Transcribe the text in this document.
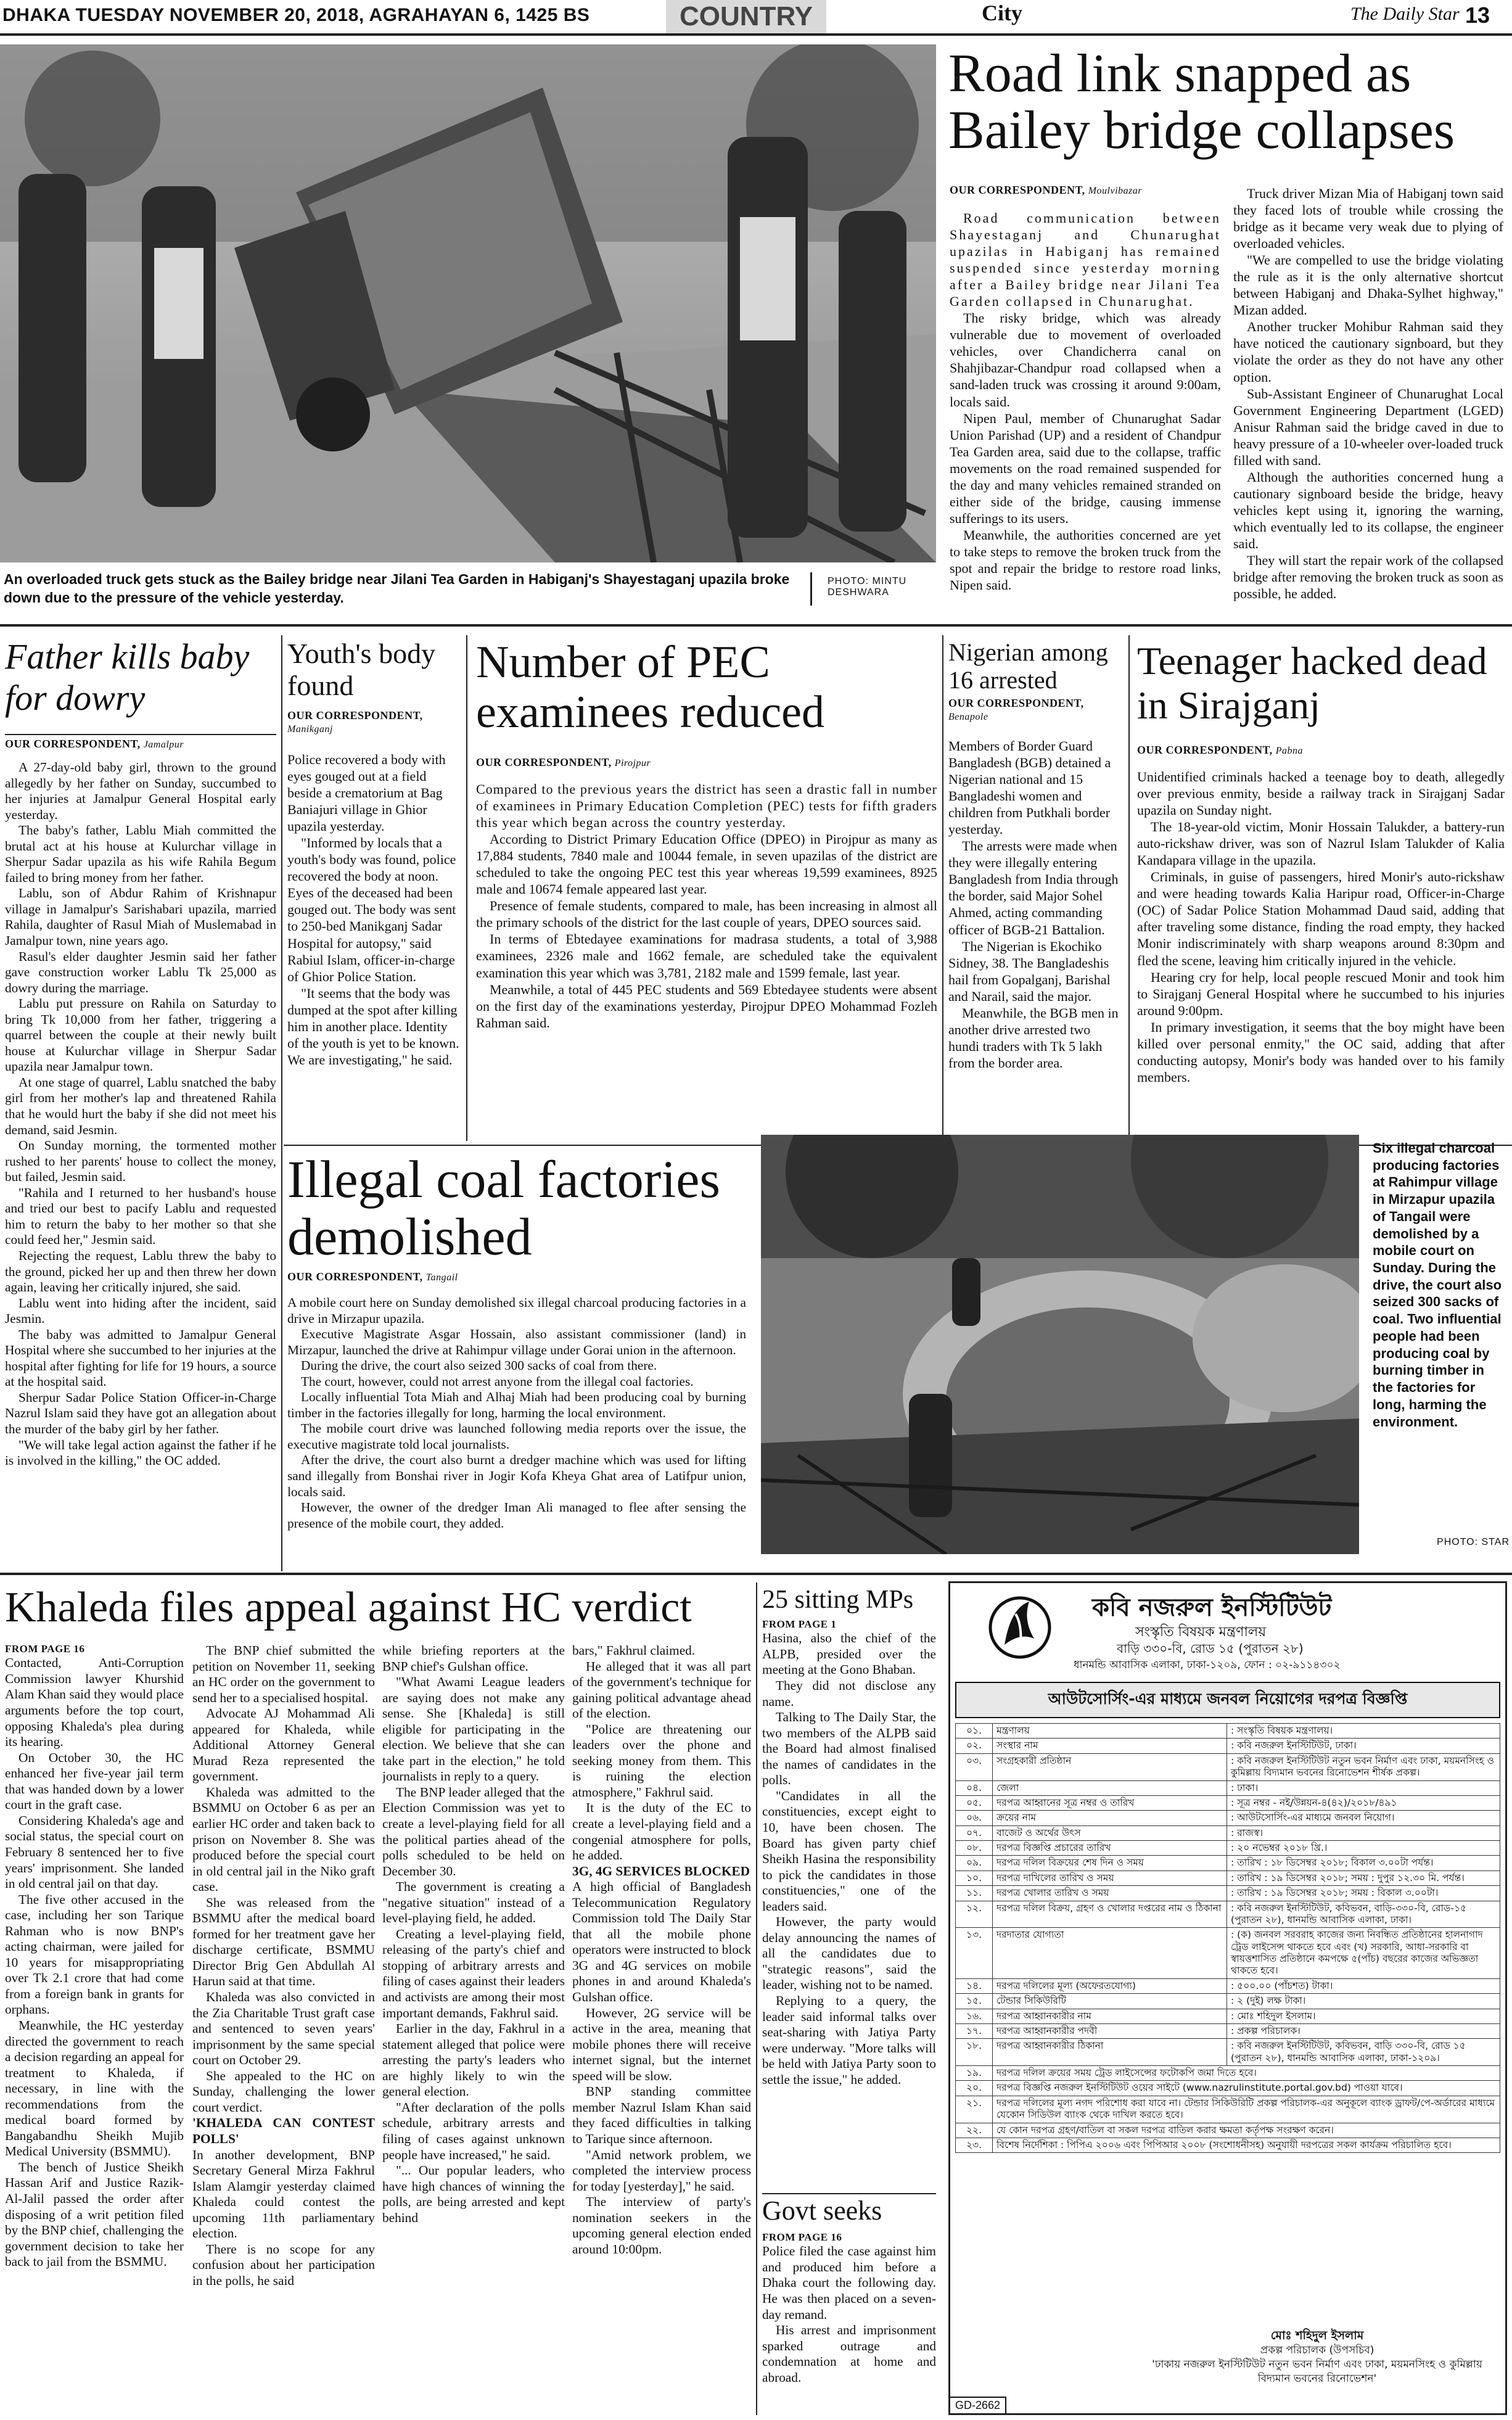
DHAKA TUESDAY NOVEMBER 20, 2018, AGRAHAYAN 6, 1425 BS	COUNTRY	City	The Daily Star 13
An overloaded truck gets stuck as the Bailey bridge near Jilani Tea Garden in Habiganj's Shayestaganj upazila broke down due to the pressure of the vehicle yesterday.
PHOTO: MINTU DESHWARA
Road link snapped as Bailey bridge collapses
OUR CORRESPONDENT, Moulvibazar

Road communication between Shayestaganj and Chunarughat upazilas in Habiganj has remained suspended since yesterday morning after a Bailey bridge near Jilani Tea Garden collapsed in Chunarughat.

The risky bridge, which was already vulnerable due to movement of overloaded vehicles, over Chandicherra canal on Shahjibazar-Chandpur road collapsed when a sand-laden truck was crossing it around 9:00am, locals said.

Nipen Paul, member of Chunarughat Sadar Union Parishad (UP) and a resident of Chandpur Tea Garden area, said due to the collapse, traffic movements on the road remained suspended for the day and many vehicles remained stranded on either side of the bridge, causing immense sufferings to its users.

Meanwhile, the authorities concerned are yet to take steps to remove the broken truck from the spot and repair the bridge to restore road links, Nipen said.

Truck driver Mizan Mia of Habiganj town said they faced lots of trouble while crossing the bridge as it became very weak due to plying of overloaded vehicles.

"We are compelled to use the bridge violating the rule as it is the only alternative shortcut between Habiganj and Dhaka-Sylhet highway," Mizan added.

Another trucker Mohibur Rahman said they have noticed the cautionary signboard, but they violate the order as they do not have any other option.

Sub-Assistant Engineer of Chunarughat Local Government Engineering Department (LGED) Anisur Rahman said the bridge caved in due to heavy pressure of a 10-wheeler over-loaded truck filled with sand.

Although the authorities concerned hung a cautionary signboard beside the bridge, heavy vehicles kept using it, ignoring the warning, which eventually led to its collapse, the engineer said.

They will start the repair work of the collapsed bridge after removing the broken truck as soon as possible, he added.

Father kills baby for dowry
OUR CORRESPONDENT, Jamalpur

A 27-day-old baby girl, thrown to the ground allegedly by her father on Sunday, succumbed to her injuries at Jamalpur General Hospital early yesterday.

The baby's father, Lablu Miah committed the brutal act at his house at Kulurchar village in Sherpur Sadar upazila as his wife Rahila Begum failed to bring money from her father.

Lablu, son of Abdur Rahim of Krishnapur village in Jamalpur's Sarishabari upazila, married Rahila, daughter of Rasul Miah of Muslemabad in Jamalpur town, nine years ago.

Rasul's elder daughter Jesmin said her father gave construction worker Lablu Tk 25,000 as dowry during the marriage.

Lablu put pressure on Rahila on Saturday to bring Tk 10,000 from her father, triggering a quarrel between the couple at their newly built house at Kulurchar village in Sherpur Sadar upazila near Jamalpur town.

At one stage of quarrel, Lablu snatched the baby girl from her mother's lap and threatened Rahila that he would hurt the baby if she did not meet his demand, said Jesmin.

On Sunday morning, the tormented mother rushed to her parents' house to collect the money, but failed, Jesmin said.

"Rahila and I returned to her husband's house and tried our best to pacify Lablu and requested him to return the baby to her mother so that she could feed her," Jesmin said.

Rejecting the request, Lablu threw the baby to the ground, picked her up and then threw her down again, leaving her critically injured, she said.

Lablu went into hiding after the incident, said Jesmin.

The baby was admitted to Jamalpur General Hospital where she succumbed to her injuries at the hospital after fighting for life for 19 hours, a source at the hospital said.

Sherpur Sadar Police Station Officer-in-Charge Nazrul Islam said they have got an allegation about the murder of the baby girl by her father.

"We will take legal action against the father if he is involved in the killing," the OC added.

Youth's body found
OUR CORRESPONDENT,
Manikganj

Police recovered a body with eyes gouged out at a field beside a crematorium at Bag Baniajuri village in Ghior upazila yesterday.

"Informed by locals that a youth's body was found, police recovered the body at noon. Eyes of the deceased had been gouged out. The body was sent to 250-bed Manikganj Sadar Hospital for autopsy," said Rabiul Islam, officer-in-charge of Ghior Police Station.

"It seems that the body was dumped at the spot after killing him in another place. Identity of the youth is yet to be known. We are investigating," he said.

Number of PEC examinees reduced
OUR CORRESPONDENT, Pirojpur

Compared to the previous years the district has seen a drastic fall in number of examinees in Primary Education Completion (PEC) tests for fifth graders this year which began across the country yesterday.

According to District Primary Education Office (DPEO) in Pirojpur as many as 17,884 students, 7840 male and 10044 female, in seven upazilas of the district are scheduled to take the ongoing PEC test this year whereas 19,599 examinees, 8925 male and 10674 female appeared last year.

Presence of female students, compared to male, has been increasing in almost all the primary schools of the district for the last couple of years, DPEO sources said.

In terms of Ebtedayee examinations for madrasa students, a total of 3,988 examinees, 2326 male and 1662 female, are scheduled take the equivalent examination this year which was 3,781, 2182 male and 1599 female, last year.

Meanwhile, a total of 445 PEC students and 569 Ebtedayee students were absent on the first day of the examinations yesterday, Pirojpur DPEO Mohammad Fozleh Rahman said.

Nigerian among 16 arrested
OUR CORRESPONDENT,
Benapole

Members of Border Guard Bangladesh (BGB) detained a Nigerian national and 15 Bangladeshi women and children from Putkhali border yesterday.

The arrests were made when they were illegally entering Bangladesh from India through the border, said Major Sohel Ahmed, acting commanding officer of BGB-21 Battalion.

The Nigerian is Ekochiko Sidney, 38. The Bangladeshis hail from Gopalganj, Barishal and Narail, said the major.

Meanwhile, the BGB men in another drive arrested two hundi traders with Tk 5 lakh from the border area.

Teenager hacked dead in Sirajganj
OUR CORRESPONDENT, Pabna

Unidentified criminals hacked a teenage boy to death, allegedly over previous enmity, beside a railway track in Sirajganj Sadar upazila on Sunday night.

The 18-year-old victim, Monir Hossain Talukder, a battery-run auto-rickshaw driver, was son of Nazrul Islam Talukder of Kalia Kandapara village in the upazila.

Criminals, in guise of passengers, hired Monir's auto-rickshaw and were heading towards Kalia Haripur road, Officer-in-Charge (OC) of Sadar Police Station Mohammad Daud said, adding that after traveling some distance, finding the road empty, they hacked Monir indiscriminately with sharp weapons around 8:30pm and fled the scene, leaving him critically injured in the vehicle.

Hearing cry for help, local people rescued Monir and took him to Sirajganj General Hospital where he succumbed to his injuries around 9:00pm.

In primary investigation, it seems that the boy might have been killed over personal enmity," the OC said, adding that after conducting autopsy, Monir's body was handed over to his family members.

Illegal coal factories demolished
OUR CORRESPONDENT, Tangail

A mobile court here on Sunday demolished six illegal charcoal producing factories in a drive in Mirzapur upazila.

Executive Magistrate Asgar Hossain, also assistant commissioner (land) in Mirzapur, launched the drive at Rahimpur village under Gorai union in the afternoon.

During the drive, the court also seized 300 sacks of coal from there.

The court, however, could not arrest anyone from the illegal coal factories.

Locally influential Tota Miah and Alhaj Miah had been producing coal by burning timber in the factories illegally for long, harming the local environment.

The mobile court drive was launched following media reports over the issue, the executive magistrate told local journalists.

After the drive, the court also burnt a dredger machine which was used for lifting sand illegally from Bonshai river in Jogir Kofa Kheya Ghat area of Latifpur union, locals said.

However, the owner of the dredger Iman Ali managed to flee after sensing the presence of the mobile court, they added.

Six illegal charcoal producing factories at Rahimpur village in Mirzapur upazila of Tangail were demolished by a mobile court on Sunday. During the drive, the court also seized 300 sacks of coal. Two influential people had been producing coal by burning timber in the factories for long, harming the environment.
PHOTO: STAR
Khaleda files appeal against HC verdict

FROM PAGE 16

Contacted, Anti-Corruption Commission lawyer Khurshid Alam Khan said they would place arguments before the top court, opposing Khaleda's plea during its hearing.

On October 30, the HC enhanced her five-year jail term that was handed down by a lower court in the graft case.

Considering Khaleda's age and social status, the special court on February 8 sentenced her to five years' imprisonment. She landed in old central jail on that day.

The five other accused in the case, including her son Tarique Rahman who is now BNP's acting chairman, were jailed for 10 years for misappropriating over Tk 2.1 crore that had come from a foreign bank in grants for orphans.

Meanwhile, the HC yesterday directed the government to reach a decision regarding an appeal for treatment to Khaleda, if necessary, in line with the recommendations from the medical board formed by Bangabandhu Sheikh Mujib Medical University (BSMMU).

The bench of Justice Sheikh Hassan Arif and Justice Razik-Al-Jalil passed the order after disposing of a writ petition filed by the BNP chief, challenging the government decision to take her back to jail from the BSMMU.

The BNP chief submitted the petition on November 11, seeking an HC order on the government to send her to a specialised hospital.

Advocate AJ Mohammad Ali appeared for Khaleda, while Additional Attorney General Murad Reza represented the government.

Khaleda was admitted to the BSMMU on October 6 as per an earlier HC order and taken back to prison on November 8. She was produced before the special court in old central jail in the Niko graft case.

She was released from the BSMMU after the medical board formed for her treatment gave her discharge certificate, BSMMU Director Brig Gen Abdullah Al Harun said at that time.

Khaleda was also convicted in the Zia Charitable Trust graft case and sentenced to seven years' imprisonment by the same special court on October 29.

She appealed to the HC on Sunday, challenging the lower court verdict.

'KHALEDA CAN CONTEST POLLS'

In another development, BNP Secretary General Mirza Fakhrul Islam Alamgir yesterday claimed Khaleda could contest the upcoming 11th parliamentary election.

There is no scope for any confusion about her participation in the polls, he said

while briefing reporters at the BNP chief's Gulshan office.

"What Awami League leaders are saying does not make any sense. She [Khaleda] is still eligible for participating in the election. We believe that she can take part in the election," he told journalists in reply to a query.

The BNP leader alleged that the Election Commission was yet to create a level-playing field for all the political parties ahead of the polls scheduled to be held on December 30.

The government is creating a "negative situation" instead of a level-playing field, he added.

Creating a level-playing field, releasing of the party's chief and stopping of arbitrary arrests and filing of cases against their leaders and activists are among their most important demands, Fakhrul said.

Earlier in the day, Fakhrul in a statement alleged that police were arresting the party's leaders who are highly likely to win the general election.

"After declaration of the polls schedule, arbitrary arrests and filing of cases against unknown people have increased," he said.

"... Our popular leaders, who have high chances of winning the polls, are being arrested and kept behind

bars," Fakhrul claimed.

He alleged that it was all part of the government's technique for gaining political advantage ahead of the election.

"Police are threatening our leaders over the phone and seeking money from them. This is ruining the election atmosphere," Fakhrul said.

It is the duty of the EC to create a level-playing field and a congenial atmosphere for polls, he added.

3G, 4G SERVICES BLOCKED

A high official of Bangladesh Telecommunication Regulatory Commission told The Daily Star that all the mobile phone operators were instructed to block 3G and 4G services on mobile phones in and around Khaleda's Gulshan office.

However, 2G service will be active in the area, meaning that mobile phones there will receive internet signal, but the internet speed will be slow.

BNP standing committee member Nazrul Islam Khan said they faced difficulties in talking to Tarique since afternoon.

"Amid network problem, we completed the interview process for today [yesterday]," he said.

The interview of party's nomination seekers in the upcoming general election ended around 10:00pm.

25 sitting MPs

FROM PAGE 1

Hasina, also the chief of the ALPB, presided over the meeting at the Gono Bhaban.

They did not disclose any name.

Talking to The Daily Star, the two members of the ALPB said the Board had almost finalised the names of candidates in the polls.

"Candidates in all the constituencies, except eight to 10, have been chosen. The Board has given party chief Sheikh Hasina the responsibility to pick the candidates in those constituencies," one of the leaders said.

However, the party would delay announcing the names of all the candidates due to "strategic reasons", said the leader, wishing not to be named.

Replying to a query, the leader said informal talks over seat-sharing with Jatiya Party were underway. "More talks will be held with Jatiya Party soon to settle the issue," he added.

Govt seeks

FROM PAGE 16

Police filed the case against him and produced him before a Dhaka court the following day. He was then placed on a seven-day remand.

His arrest and imprisonment sparked outrage and condemnation at home and abroad.

কবি নজরুল ইনস্টিটিউট
সংস্কৃতি বিষয়ক মন্ত্রণালয়
বাড়ি ৩৩০-বি, রোড ১৫ (পুরাতন ২৮)
ধানমন্ডি আবাসিক এলাকা, ঢাকা-১২০৯, ফোন : ০২-৯১১৪৩০২
আউটসোর্সিং-এর মাধ্যমে জনবল নিয়োগের দরপত্র বিজ্ঞপ্তি
০১.	মন্ত্রণালয়	: সংস্কৃতি বিষয়ক মন্ত্রণালয়।
০২.	সংস্থার নাম	: কবি নজরুল ইনস্টিটিউট, ঢাকা।
০৩.	সংগ্রহকারী প্রতিষ্ঠান	: কবি নজরুল ইনস্টিটিউট নতুন ভবন নির্মাণ এবং ঢাকা, ময়মনসিংহ ও কুমিল্লায় বিদ্যমান ভবনের রিনোভেশন শীর্ষক প্রকল্প।
০৪.	জেলা	: ঢাকা।
০৫.	দরপত্র আহ্বানের সূত্র নম্বর ও তারিখ	: সূত্র নম্বর - নই/উন্নয়ন-৪(৪২)/২০১৮/৪৯১
০৬.	ক্রয়ের নাম	: আউটসোর্সিং-এর মাধ্যমে জনবল নিয়োগ।
০৭.	বাজেট ও অর্থের উৎস	: রাজস্ব।
০৮.	দরপত্র বিজ্ঞপ্তি প্রচারের তারিখ	: ২০ নভেম্বর ২০১৮ খ্রি.।
০৯.	দরপত্র দলিল বিক্রয়ের শেষ দিন ও সময়	: তারিখ : ১৮ ডিসেম্বর ২০১৮; বিকাল ৩.০০টা পর্যন্ত।
১০.	দরপত্র দাখিলের তারিখ ও সময়	: তারিখ : ১৯ ডিসেম্বর ২০১৮; সময় : দুপুর ১২.৩০ মি. পর্যন্ত।
১১.	দরপত্র খোলার তারিখ ও সময়	: তারিখ : ১৯ ডিসেম্বর ২০১৮; সময় : বিকাল ৩.০০টা।
১২.	দরপত্র দলিল বিক্রয়, গ্রহণ ও খোলার দপ্তরের নাম ও ঠিকানা	: কবি নজরুল ইনস্টিটিউট, কবিভবন, বাড়ি-৩৩০-বি, রোড-১৫ (পুরাতন ২৮), ধানমন্ডি আবাসিক এলাকা, ঢাকা।
১৩.	দরদাতার যোগ্যতা	: (ক) জনবল সরবরাহ কাজের জন্য নিবন্ধিত প্রতিষ্ঠানের হালনাগাদ ট্রেড লাইসেন্স থাকতে হবে এবং (খ) সরকারি, আধা-সরকারি বা স্বায়ত্তশাসিত প্রতিষ্ঠানে কমপক্ষে ৫(পাঁচ) বছরের কাজের অভিজ্ঞতা থাকতে হবে।
১৪.	দরপত্র দলিলের মূল্য (অফেরতযোগ্য)	: ৫০০.০০ (পাঁচশত) টাকা।
১৫.	টেন্ডার সিকিউরিটি	: ২ (দুই) লক্ষ টাকা।
১৬.	দরপত্র আহ্বানকারীর নাম	: মোঃ শহিদুল ইসলাম।
১৭.	দরপত্র আহ্বানকারীর পদবী	: প্রকল্প পরিচালক।
১৮.	দরপত্র আহ্বানকারীর ঠিকানা	: কবি নজরুল ইনস্টিটিউট, কবিভবন, বাড়ি ৩৩০-বি, রোড ১৫ (পুরাতন ২৮), ধানমন্ডি আবাসিক এলাকা, ঢাকা-১২০৯।
১৯.	দরপত্র দলিল ক্রয়ের সময় ট্রেড লাইসেন্সের ফটোকপি জমা দিতে হবে।	
২০.	দরপত্র বিজ্ঞপ্তি নজরুল ইনস্টিটিউট ওয়েব সাইটে (www.nazrulinstitute.portal.gov.bd) পাওয়া যাবে।	
২১.	দরপত্র দলিলের মূল্য নগদ পরিশোধ করা যাবে না। টেন্ডার সিকিউরিটি প্রকল্প পরিচালক-এর অনুকূলে ব্যাংক ড্রাফট/পে-অর্ডারের মাধ্যমে যেকোন সিডিউল ব্যাংক থেকে দাখিল করতে হবে।	
২২.	যে কোন দরপত্র গ্রহণ/বাতিল বা সকল দরপত্র বাতিল করার ক্ষমতা কর্তৃপক্ষ সংরক্ষণ করেন।	
২৩.	বিশেষ নির্দেশিকা : পিপিএ ২০০৬ এবং পিপিআর ২০০৮ (সংশোধনীসহ) অনুযায়ী দরপত্রের সকল কার্যক্রম পরিচালিত হবে।	
মোঃ শহিদুল ইসলাম
প্রকল্প পরিচালক (উপসচিব)
'ঢাকায় নজরুল ইনস্টিটিউট নতুন ভবন নির্মাণ এবং ঢাকা, ময়মনসিংহ ও কুমিল্লায় বিদ্যমান ভবনের রিনোভেশন'
GD-2662
